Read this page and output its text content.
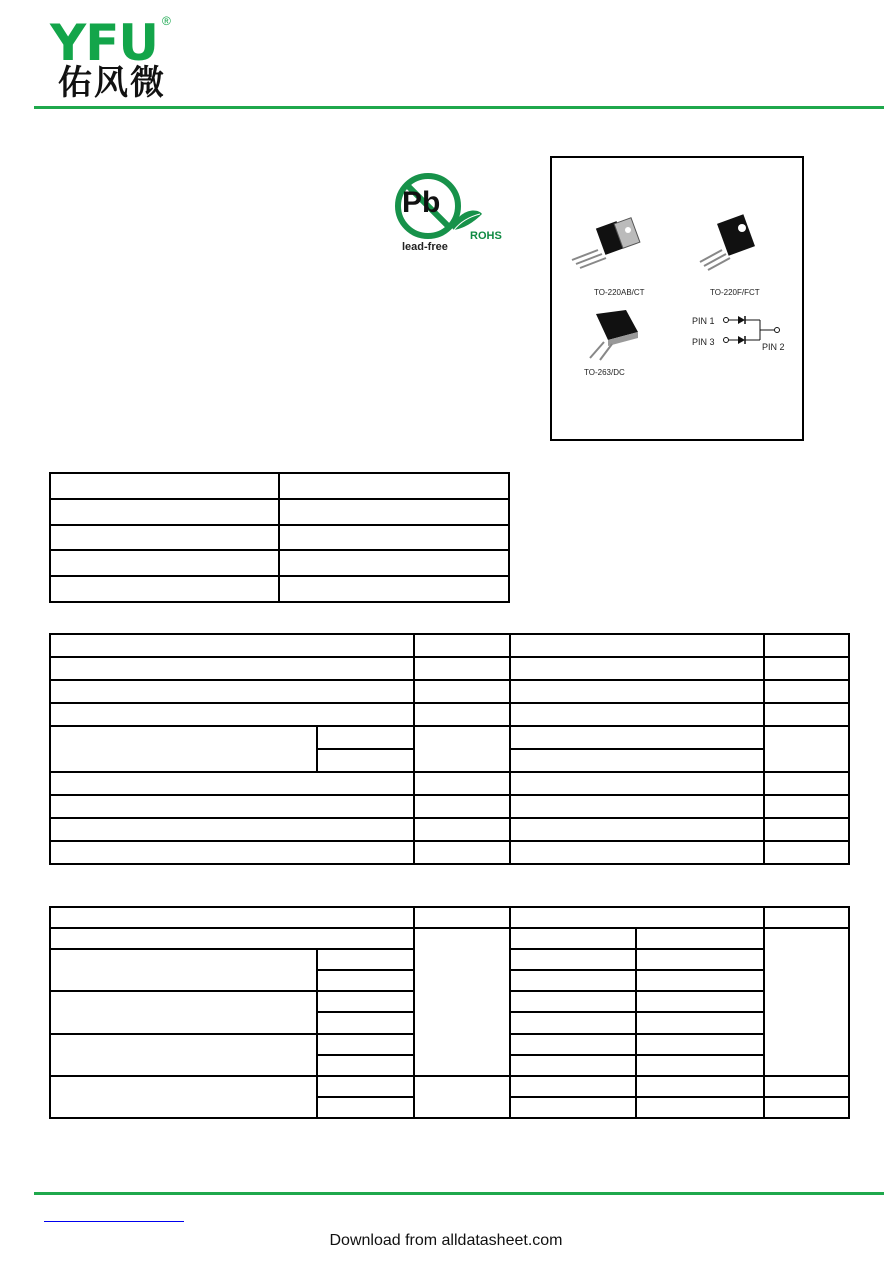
YFU ®
佑风微
Pb
lead-free
ROHS
TO-220AB/CT	TO-220F/FCT
TO-263/DC
PIN 1
PIN 3	PIN 2

Download from alldatasheet.com
